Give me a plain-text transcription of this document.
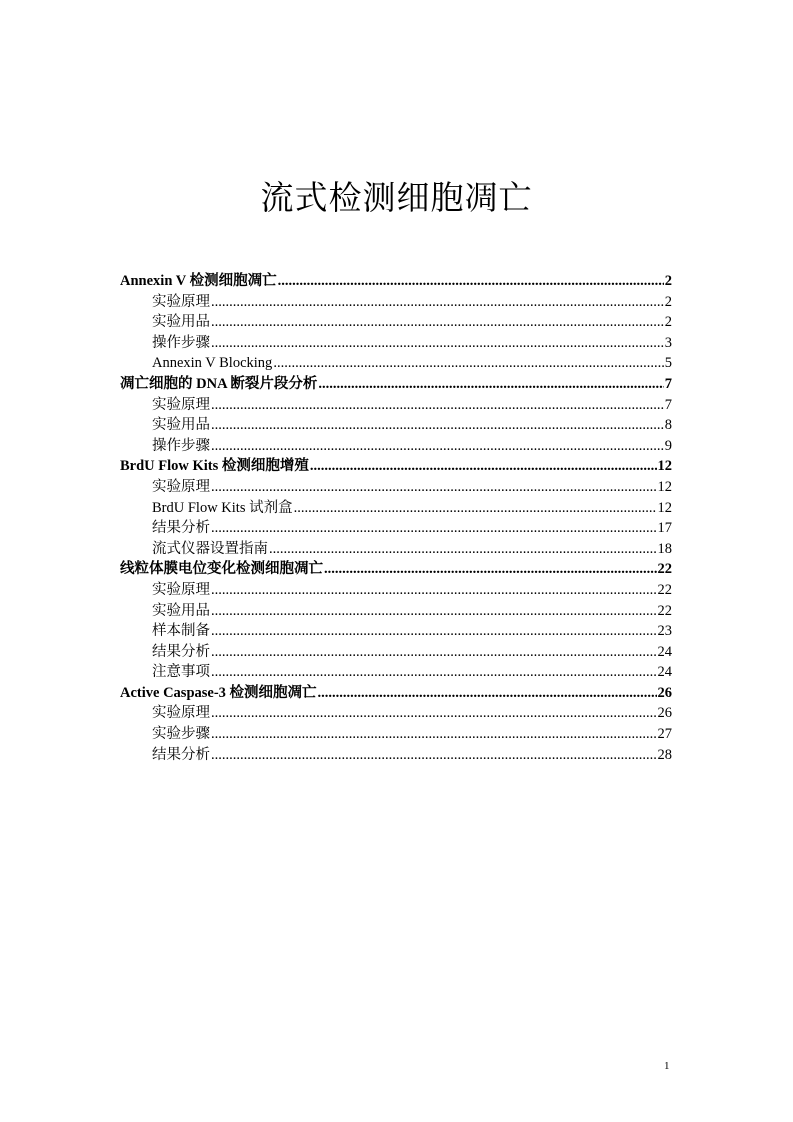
流式检测细胞凋亡
Annexin V 检测细胞凋亡 .....	2
实验原理 .....	2
实验用品 .....	2
操作步骤 .....	3
Annexin V Blocking .....	5
凋亡细胞的 DNA 断裂片段分析 .....	7
实验原理 .....	7
实验用品 .....	8
操作步骤 .....	9
BrdU Flow Kits 检测细胞增殖 .....	12
实验原理 .....	12
BrdU Flow Kits 试剂盒 .....	12
结果分析 .....	17
流式仪器设置指南 .....	18
线粒体膜电位变化检测细胞凋亡 .....	22
实验原理 .....	22
实验用品 .....	22
样本制备 .....	23
结果分析 .....	24
注意事项 .....	24
Active Caspase-3 检测细胞凋亡 .....	26
实验原理 .....	26
实验步骤 .....	27
结果分析 .....	28
1
